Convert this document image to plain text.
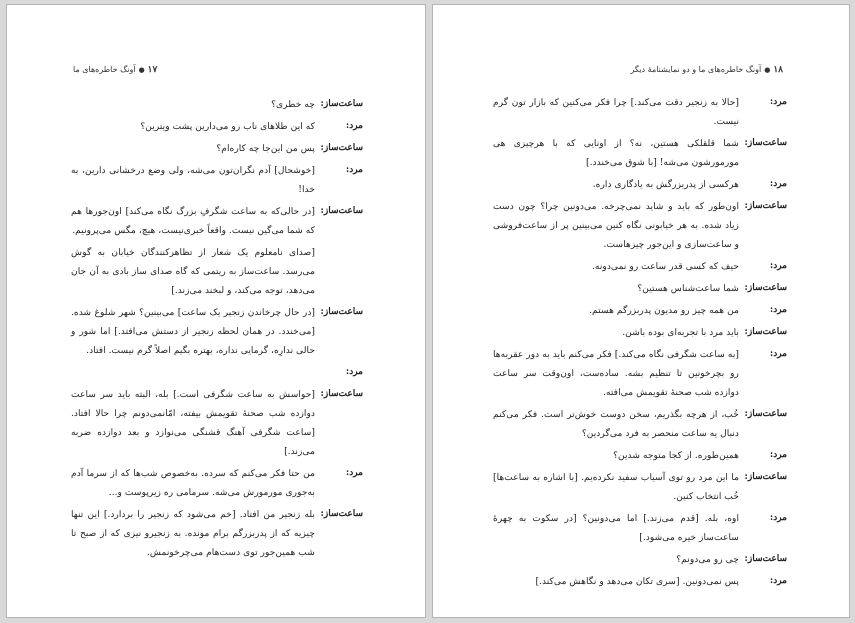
۱۷●آونگ خاطره‌های ما
ساعت‌ساز:
چه خطری؟
مرد:
که این طلاهای ناب رو می‌دارین پشت ویترین؟
ساعت‌ساز:
پس من این‌جا چه کاره‌ام؟
مرد:
[خوشحال] آدم نگران‌تون می‌شه، ولی وضع درخشانی دارین، به خدا!
ساعت‌ساز:
[در حالی‌که به ساعت شگرفِ بزرگ نگاه می‌کند] اون‌جورها هم که شما می‌گین نیست. واقعاً خبری‌نیست، هیچ، مگس می‌پرونیم.
[صدای نامعلوم یک شعار از تظاهرکنندگان خیابان به گوش می‌رسد. ساعت‌ساز به ریتمی که گاه صدای ساز بادی به آن جان می‌دهد، توجه می‌کند، و لبخند می‌زند.]
ساعت‌ساز:
[در حال چرخاندن زنجیر یک ساعت] می‌بینین؟ شهر شلوغ شده. [می‌خندد. در همان لحظه زنجیر از دستش می‌افتد.] اما شور و حالی ندارِه، گرمایی نداره، بهتره بگیم اصلاً گرم نیست. افتاد.
مرد:
ساعت‌ساز:
[حواسش به ساعت شگرفی است.] بله، البته باید سر ساعت دوازده شب صحنهٔ تقویمش بیفته، امّانمی‌دونم چرا حالا افتاد. [ساعت شگرفی آهنگ قشنگی می‌نوازد و بعد دوازده ضربه می‌زند.]
مرد:
من حتا فکر می‌کنم که سرده. به‌خصوص شب‌ها که از سرما آدم به‌جوری مورمورش می‌شه. سرمامی ره زیرپوست و...
ساعت‌ساز:
بله زنجیر من افتاد. [خم می‌شود که زنجیر را بردارد.] این تنها چیزیه که از پدربزرگم برام مونده. به زنجیرو نیزی که از صبح تا شب همین‌جور توی دست‌هام می‌چرخونمش.
۱۸●آونگ خاطره‌های ما و دو نمایشنامهٔ دیگر
مرد:
[حالا به زنجیر دقت می‌کند.] چرا فکر می‌کنین که بازار تون گرم نیست.
ساعت‌ساز:
شما قلقلکی هستین، نه؟ از اونایی که با هرچیزی هی مورمورشون می‌شه! [با شوق می‌خندد.]
مرد:
هرکسی از پدربزرگش به یادگاری داره.
ساعت‌ساز:
اون‌طور که باید و شاید نمی‌چرخه. می‌دونین چرا؟ چون دست زیاد شده. به هر خیابونی نگاه کنین می‌بینین پر از ساعت‌فروشی و ساعت‌سازی و این‌جور چیزهاست.
مرد:
حیف که کسی قدر ساعت رو نمی‌دونه.
ساعت‌ساز:
شما ساعت‌شناس هستین؟
مرد:
من همه چیز رو مدیون پدربزرگم هستم.
ساعت‌ساز:
باید مرد با تجربه‌ای بوده باشن.
مرد:
[به ساعت شگرفی نگاه می‌کند.] فکر می‌کنم باید به دور عقربه‌ها رو بچرخونین تا تنظیم بشه. ساده‌ست، اون‌وقت سر ساعت دوازده شب صحنهٔ تقویمش می‌افته.
ساعت‌ساز:
خُب، از هرچه بگذریم، سخن دوست خوش‌تر است. فکر می‌کنم دنبال یه ساعت منحصر به فرد می‌گردین؟
مرد:
همین‌طوره. از کجا متوجه شدین؟
ساعت‌ساز:
ما این مرد رو توی آسیاب سفید نکرده‌یم. [با اشاره به ساعت‌ها] خُب انتخاب کنین.
مرد:
اوه، بله. [قدم می‌زند.] اما می‌دونین؟ [در سکوت به چهرهٔ ساعت‌ساز خیره می‌شود.]
ساعت‌ساز:
چی رو می‌دونم؟
مرد:
پس نمی‌دونین. [سری تکان می‌دهد و نگاهش می‌کند.]
